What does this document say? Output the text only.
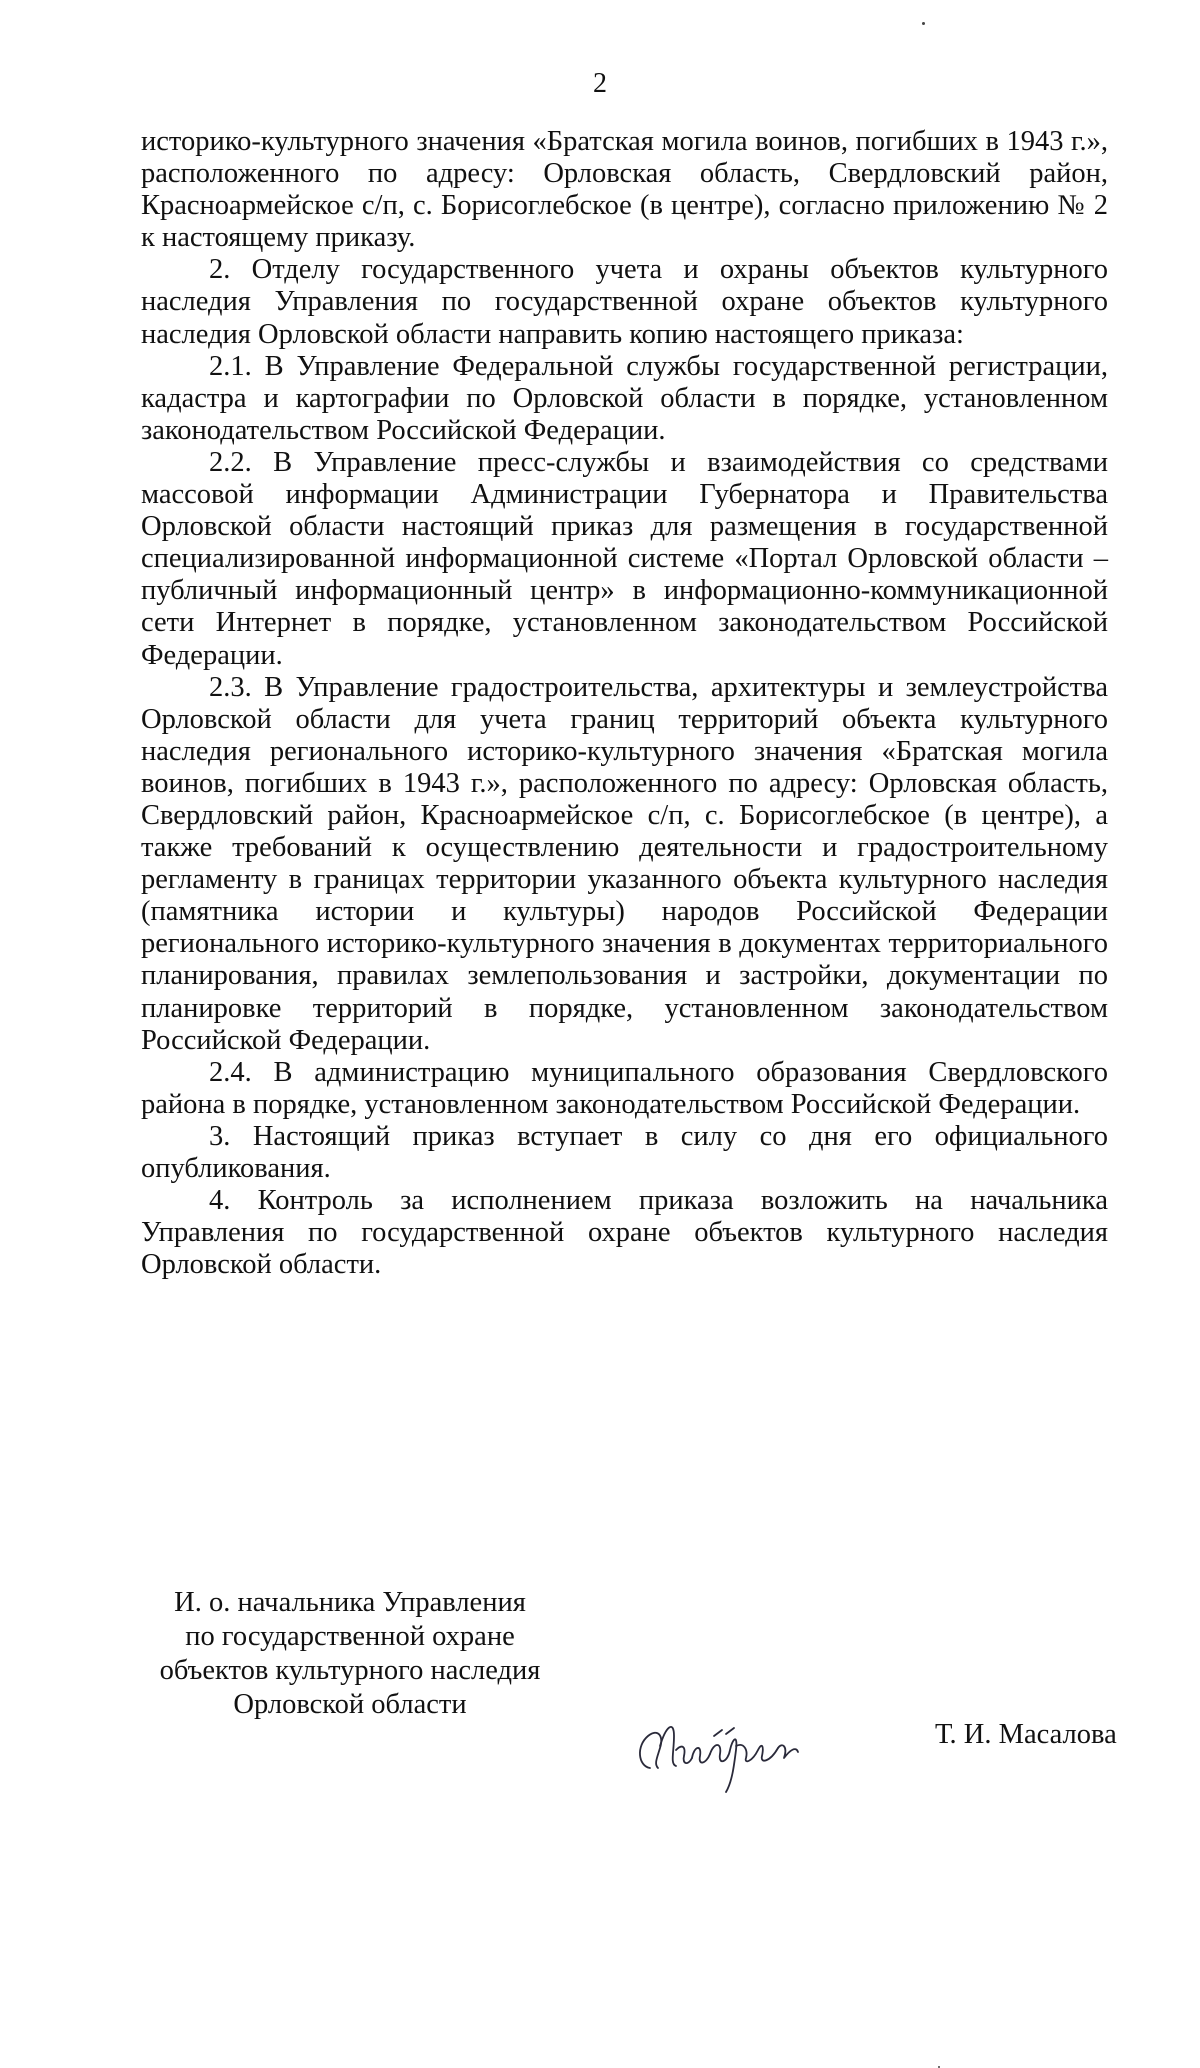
2

историко-культурного значения «Братская могила воинов, погибших в 1943 г.», расположенного по адресу: Орловская область, Свердловский район, Красноармейское с/п, с. Борисоглебское (в центре), согласно приложению № 2 к настоящему приказу.

2. Отделу государственного учета и охраны объектов культурного наследия Управления по государственной охране объектов культурного наследия Орловской области направить копию настоящего приказа:

2.1. В Управление Федеральной службы государственной регистрации, кадастра и картографии по Орловской области в порядке, установленном законодательством Российской Федерации.

2.2. В Управление пресс-службы и взаимодействия со средствами массовой информации Администрации Губернатора и Правительства Орловской области настоящий приказ для размещения в государственной специализированной информационной системе «Портал Орловской области – публичный информационный центр» в информационно-коммуникационной сети Интернет в порядке, установленном законодательством Российской Федерации.

2.3. В Управление градостроительства, архитектуры и землеустройства Орловской области для учета границ территорий объекта культурного наследия регионального историко-культурного значения «Братская могила воинов, погибших в 1943 г.», расположенного по адресу: Орловская область, Свердловский район, Красноармейское с/п, с. Борисоглебское (в центре), а также требований к осуществлению деятельности и градостроительному регламенту в границах территории указанного объекта культурного наследия (памятника истории и культуры) народов Российской Федерации регионального историко-культурного значения в документах территориального планирования, правилах землепользования и застройки, документации по планировке территорий в порядке, установленном законодательством Российской Федерации.

2.4. В администрацию муниципального образования Свердловского района в порядке, установленном законодательством Российской Федерации.

3. Настоящий приказ вступает в силу со дня его официального опубликования.

4. Контроль за исполнением приказа возложить на начальника Управления по государственной охране объектов культурного наследия Орловской области.

И. о. начальника Управления
по государственной охране
объектов культурного наследия
Орловской области
Т. И. Масалова
